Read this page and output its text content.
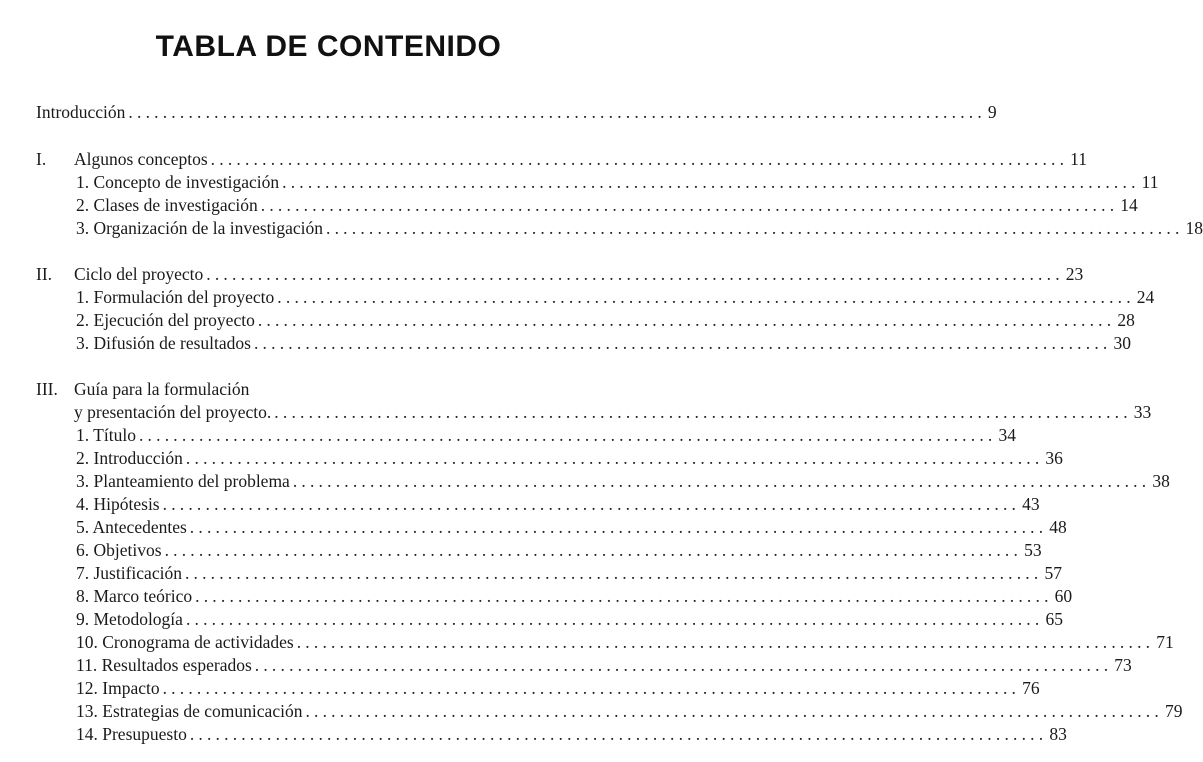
TABLA DE CONTENIDO
Introducción .................................................................................................... 9
I. Algunos conceptos .................................................................................................... 11
1. Concepto de investigación .................................................................................................... 11
2. Clases de investigación .................................................................................................... 14
3. Organización de la investigación .................................................................................................... 18
II. Ciclo del proyecto .................................................................................................... 23
1. Formulación del proyecto .................................................................................................... 24
2. Ejecución del proyecto .................................................................................................... 28
3. Difusión de resultados .................................................................................................... 30
III. Guía para la formulación
y presentación del proyecto. .................................................................................................... 33
1. Título .................................................................................................... 34
2. Introducción .................................................................................................... 36
3. Planteamiento del problema .................................................................................................... 38
4. Hipótesis .................................................................................................... 43
5. Antecedentes .................................................................................................... 48
6. Objetivos .................................................................................................... 53
7. Justificación .................................................................................................... 57
8. Marco teórico .................................................................................................... 60
9. Metodología .................................................................................................... 65
10. Cronograma de actividades .................................................................................................... 71
11. Resultados esperados .................................................................................................... 73
12. Impacto .................................................................................................... 76
13. Estrategias de comunicación .................................................................................................... 79
14. Presupuesto .................................................................................................... 83
